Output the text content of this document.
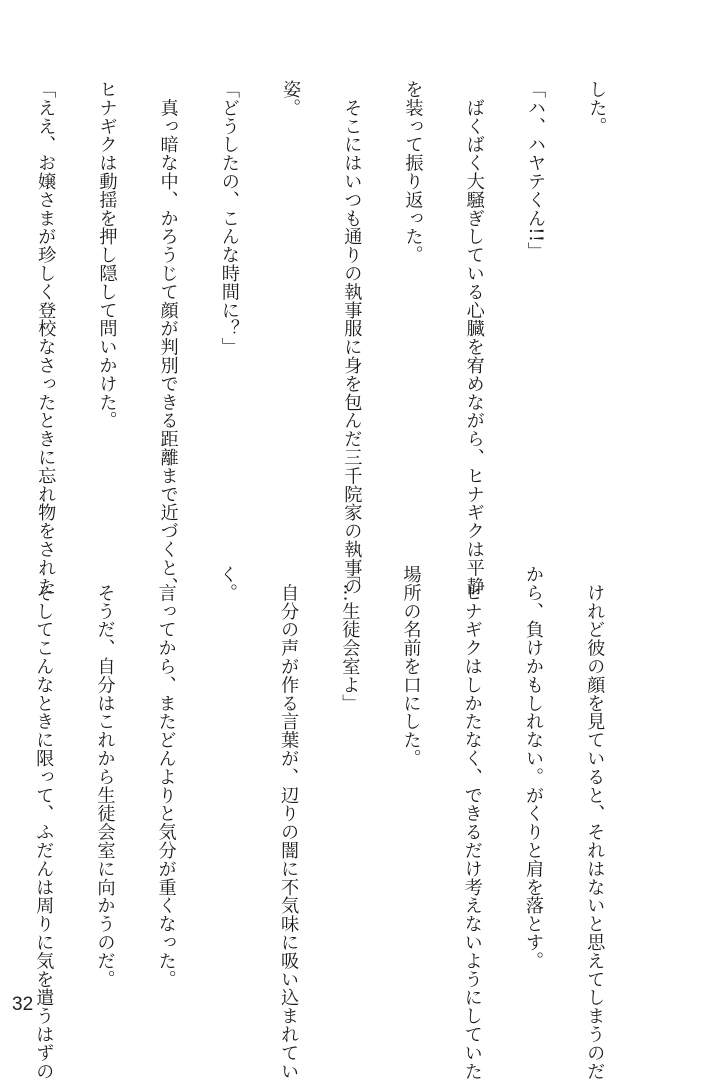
した。

「ハ、ハヤテくん!!」

　ばくばく大騒ぎしている心臓を宥めながら、ヒナギクは平静

を装って振り返った。

　そこにはいつも通りの執事服に身を包んだ三千院家の執事の

姿。

「どうしたの、こんな時間に？」

　真っ暗な中、かろうじて顔が判別できる距離まで近づくと、

ヒナギクは動揺を押し隠して問いかけた。

「ええ、お嬢さまが珍しく登校なさったときに忘れ物をされた

　けれど彼の顔を見ていると、それはないと思えてしまうのだ

から、負けかもしれない。がくりと肩を落とす。

　ヒナギクはしかたなく、できるだけ考えないようにしていた

場所の名前を口にした。

「…生徒会室よ」

　自分の声が作る言葉が、辺りの闇に不気味に吸い込まれてい

く。

　言ってから、またどんよりと気分が重くなった。

　そうだ、自分はこれから生徒会室に向かうのだ。

　そしてこんなときに限って、ふだんは周りに気を遣うはずの

32
